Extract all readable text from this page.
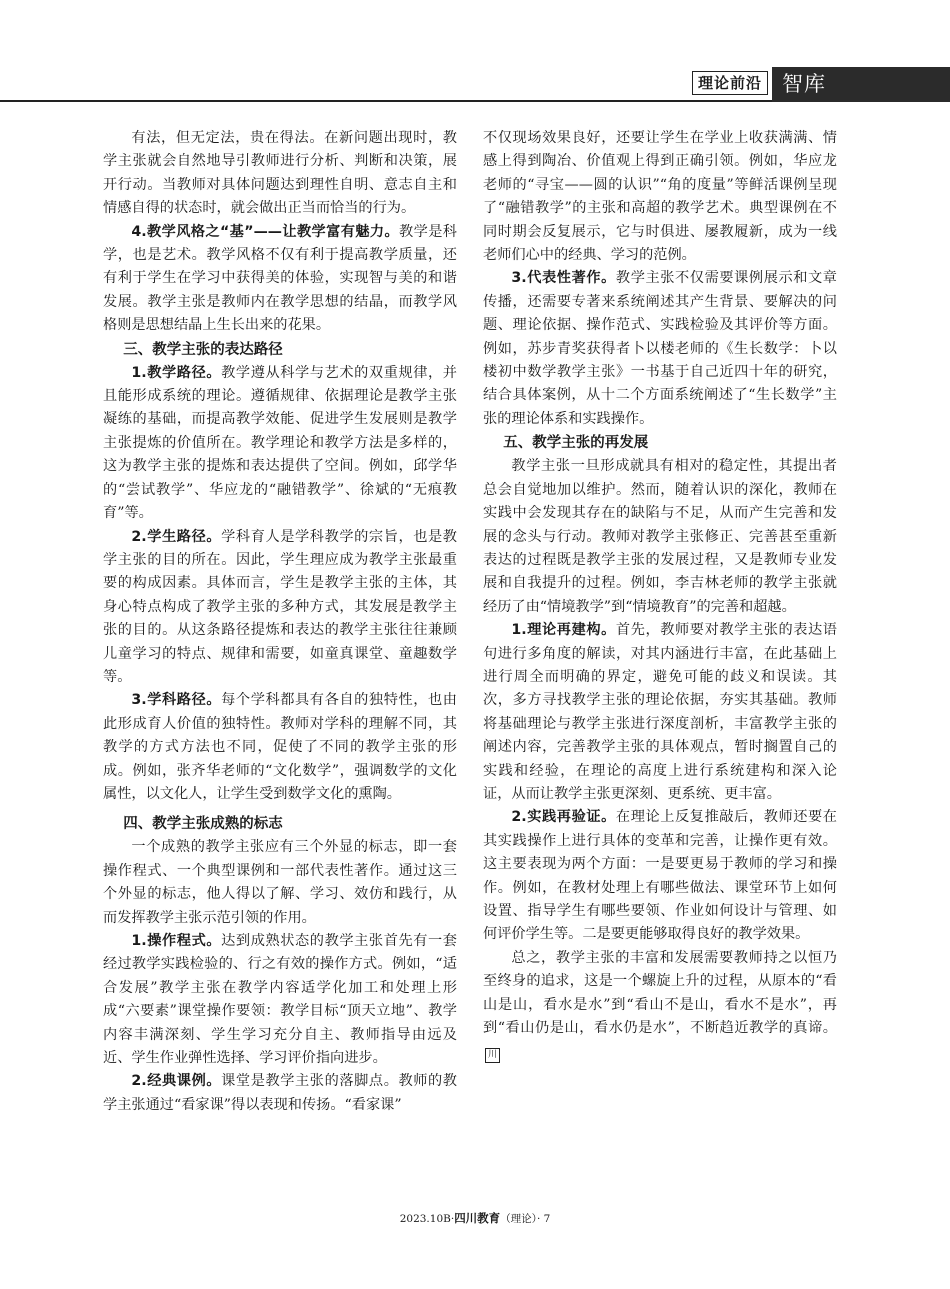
理论前沿 智库

有法，但无定法，贵在得法。在新问题出现时，教学主张就会自然地导引教师进行分析、判断和决策，展开行动。当教师对具体问题达到理性自明、意志自主和情感自得的状态时，就会做出正当而恰当的行为。

4.教学风格之“基”——让教学富有魅力。教学是科学，也是艺术。教学风格不仅有利于提高教学质量，还有利于学生在学习中获得美的体验，实现智与美的和谐发展。教学主张是教师内在教学思想的结晶，而教学风格则是思想结晶上生长出来的花果。

三、教学主张的表达路径

1.教学路径。教学遵从科学与艺术的双重规律，并且能形成系统的理论。遵循规律、依据理论是教学主张凝练的基础，而提高教学效能、促进学生发展则是教学主张提炼的价值所在。教学理论和教学方法是多样的，这为教学主张的提炼和表达提供了空间。例如，邱学华的“尝试教学”、华应龙的“融错教学”、徐斌的“无痕教育”等。

2.学生路径。学科育人是学科教学的宗旨，也是教学主张的目的所在。因此，学生理应成为教学主张最重要的构成因素。具体而言，学生是教学主张的主体，其身心特点构成了教学主张的多种方式，其发展是教学主张的目的。从这条路径提炼和表达的教学主张往往兼顾儿童学习的特点、规律和需要，如童真课堂、童趣数学等。

3.学科路径。每个学科都具有各自的独特性，也由此形成育人价值的独特性。教师对学科的理解不同，其教学的方式方法也不同，促使了不同的教学主张的形成。例如，张齐华老师的“文化数学”，强调数学的文化属性，以文化人，让学生受到数学文化的熏陶。

四、教学主张成熟的标志

一个成熟的教学主张应有三个外显的标志，即一套操作程式、一个典型课例和一部代表性著作。通过这三个外显的标志，他人得以了解、学习、效仿和践行，从而发挥教学主张示范引领的作用。

1.操作程式。达到成熟状态的教学主张首先有一套经过教学实践检验的、行之有效的操作方式。例如，“适合发展”教学主张在教学内容适学化加工和处理上形成“六要素”课堂操作要领：教学目标“顶天立地”、教学内容丰满深刻、学生学习充分自主、教师指导由远及近、学生作业弹性选择、学习评价指向进步。

2.经典课例。课堂是教学主张的落脚点。教师的教学主张通过“看家课”得以表现和传扬。“看家课”

不仅现场效果良好，还要让学生在学业上收获满满、情感上得到陶冶、价值观上得到正确引领。例如，华应龙老师的“寻宝——圆的认识”“角的度量”等鲜活课例呈现了“融错教学”的主张和高超的教学艺术。典型课例在不同时期会反复展示，它与时俱进、屡教履新，成为一线老师们心中的经典、学习的范例。

3.代表性著作。教学主张不仅需要课例展示和文章传播，还需要专著来系统阐述其产生背景、要解决的问题、理论依据、操作范式、实践检验及其评价等方面。例如，苏步青奖获得者卜以楼老师的《生长数学：卜以楼初中数学教学主张》一书基于自己近四十年的研究，结合具体案例，从十二个方面系统阐述了“生长数学”主张的理论体系和实践操作。

五、教学主张的再发展

教学主张一旦形成就具有相对的稳定性，其提出者总会自觉地加以维护。然而，随着认识的深化，教师在实践中会发现其存在的缺陷与不足，从而产生完善和发展的念头与行动。教师对教学主张修正、完善甚至重新表达的过程既是教学主张的发展过程，又是教师专业发展和自我提升的过程。例如，李吉林老师的教学主张就经历了由“情境教学”到“情境教育”的完善和超越。

1.理论再建构。首先，教师要对教学主张的表达语句进行多角度的解读，对其内涵进行丰富，在此基础上进行周全而明确的界定，避免可能的歧义和误读。其次，多方寻找教学主张的理论依据，夯实其基础。教师将基础理论与教学主张进行深度剖析，丰富教学主张的阐述内容，完善教学主张的具体观点，暂时搁置自己的实践和经验，在理论的高度上进行系统建构和深入论证，从而让教学主张更深刻、更系统、更丰富。

2.实践再验证。在理论上反复推敲后，教师还要在其实践操作上进行具体的变革和完善，让操作更有效。这主要表现为两个方面：一是要更易于教师的学习和操作。例如，在教材处理上有哪些做法、课堂环节上如何设置、指导学生有哪些要领、作业如何设计与管理、如何评价学生等。二是要更能够取得良好的教学效果。

总之，教学主张的丰富和发展需要教师持之以恒乃至终身的追求，这是一个螺旋上升的过程，从原本的“看山是山，看水是水”到“看山不是山，看水不是水”，再到“看山仍是山，看水仍是水”，不断趋近教学的真谛。川

2023.10B·四川教育（理论）· 7
